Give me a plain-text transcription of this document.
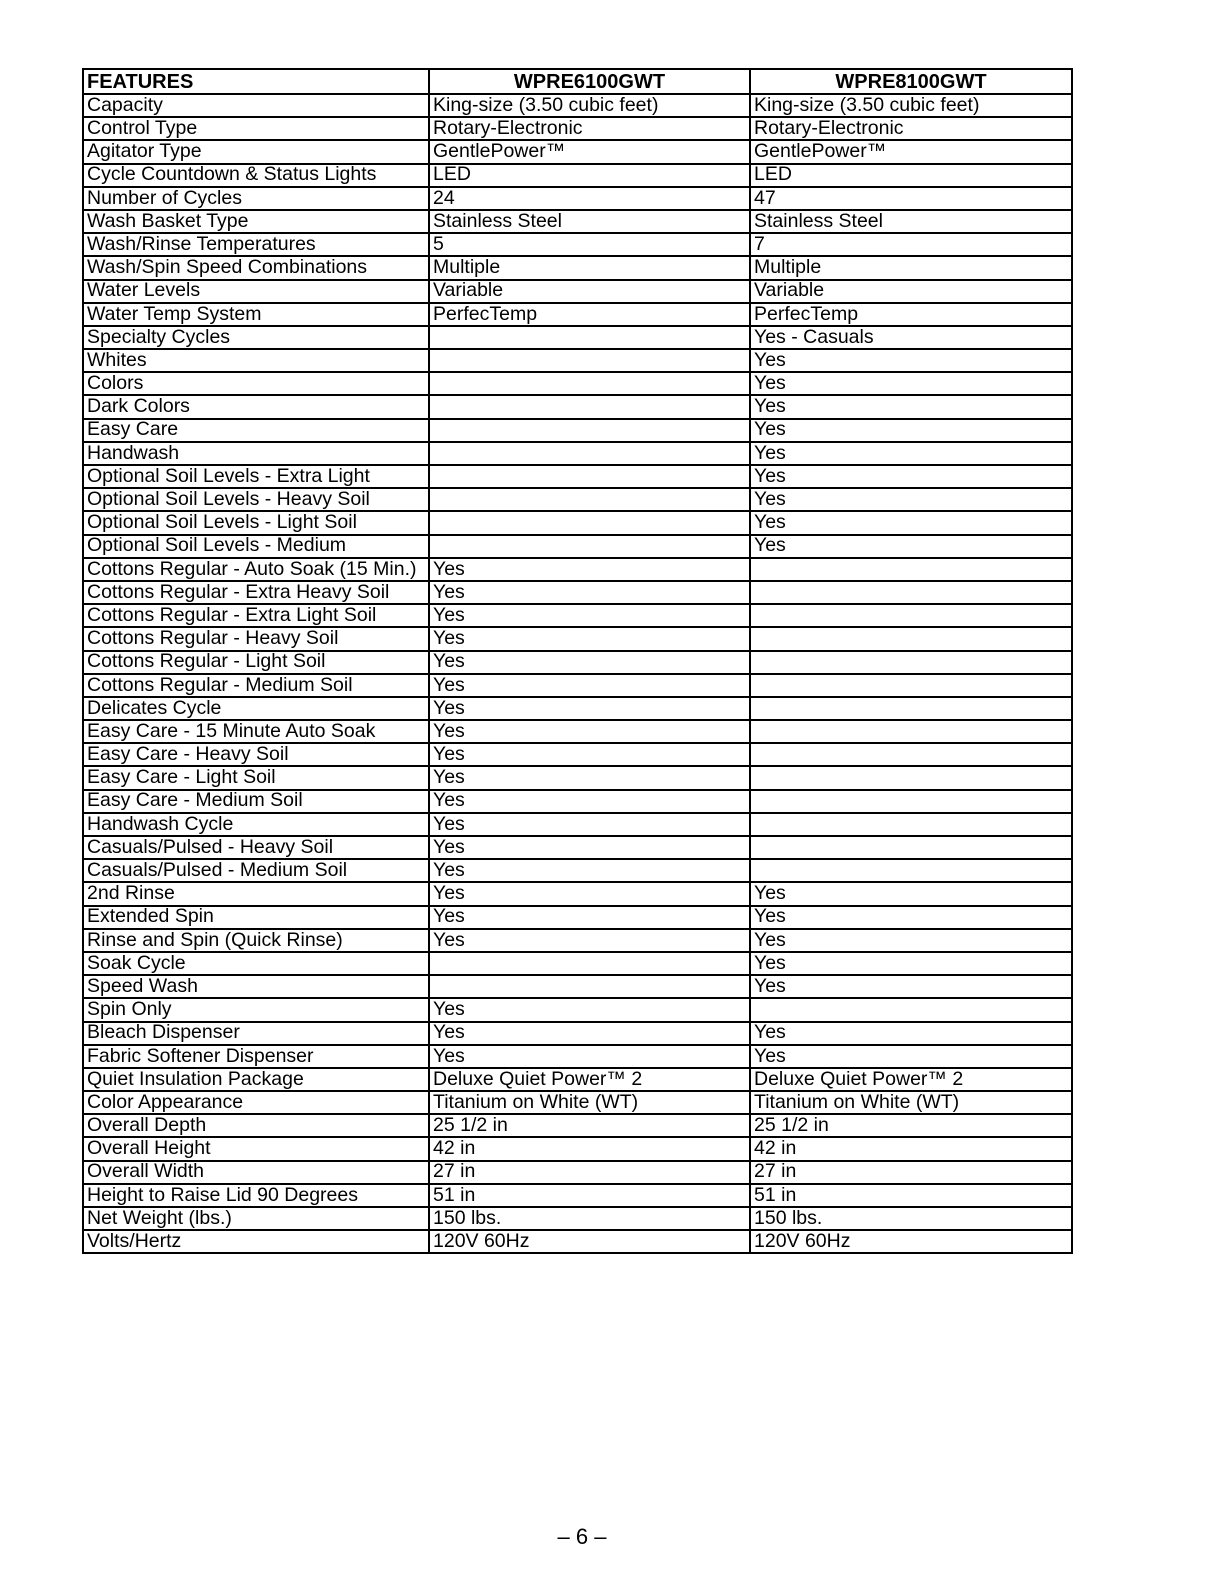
FEATURES	WPRE6100GWT	WPRE8100GWT
Capacity	King-size (3.50 cubic feet)	King-size (3.50 cubic feet)
Control Type	Rotary-Electronic	Rotary-Electronic
Agitator Type	GentlePower™	GentlePower™
Cycle Countdown & Status Lights	LED	LED
Number of Cycles	24	47
Wash Basket Type	Stainless Steel	Stainless Steel
Wash/Rinse Temperatures	5	7
Wash/Spin Speed Combinations	Multiple	Multiple
Water Levels	Variable	Variable
Water Temp System	PerfecTemp	PerfecTemp
Specialty Cycles		Yes - Casuals
Whites		Yes
Colors		Yes
Dark Colors		Yes
Easy Care		Yes
Handwash		Yes
Optional Soil Levels - Extra Light		Yes
Optional Soil Levels - Heavy Soil		Yes
Optional Soil Levels - Light Soil		Yes
Optional Soil Levels - Medium		Yes
Cottons Regular - Auto Soak (15 Min.)	Yes	
Cottons Regular - Extra Heavy Soil	Yes	
Cottons Regular - Extra Light Soil	Yes	
Cottons Regular - Heavy Soil	Yes	
Cottons Regular - Light Soil	Yes	
Cottons Regular - Medium Soil	Yes	
Delicates Cycle	Yes	
Easy Care - 15 Minute Auto Soak	Yes	
Easy Care - Heavy Soil	Yes	
Easy Care - Light Soil	Yes	
Easy Care - Medium Soil	Yes	
Handwash Cycle	Yes	
Casuals/Pulsed - Heavy Soil	Yes	
Casuals/Pulsed - Medium Soil	Yes	
2nd Rinse	Yes	Yes
Extended Spin	Yes	Yes
Rinse and Spin (Quick Rinse)	Yes	Yes
Soak Cycle		Yes
Speed Wash		Yes
Spin Only	Yes	
Bleach Dispenser	Yes	Yes
Fabric Softener Dispenser	Yes	Yes
Quiet Insulation Package	Deluxe Quiet Power™ 2	Deluxe Quiet Power™ 2
Color Appearance	Titanium on White (WT)	Titanium on White (WT)
Overall Depth	25 1/2 in	25 1/2 in
Overall Height	42 in	42 in
Overall Width	27 in	27 in
Height to Raise Lid 90 Degrees	51 in	51 in
Net Weight (lbs.)	150 lbs.	150 lbs.
Volts/Hertz	120V 60Hz	120V 60Hz
– 6 –
